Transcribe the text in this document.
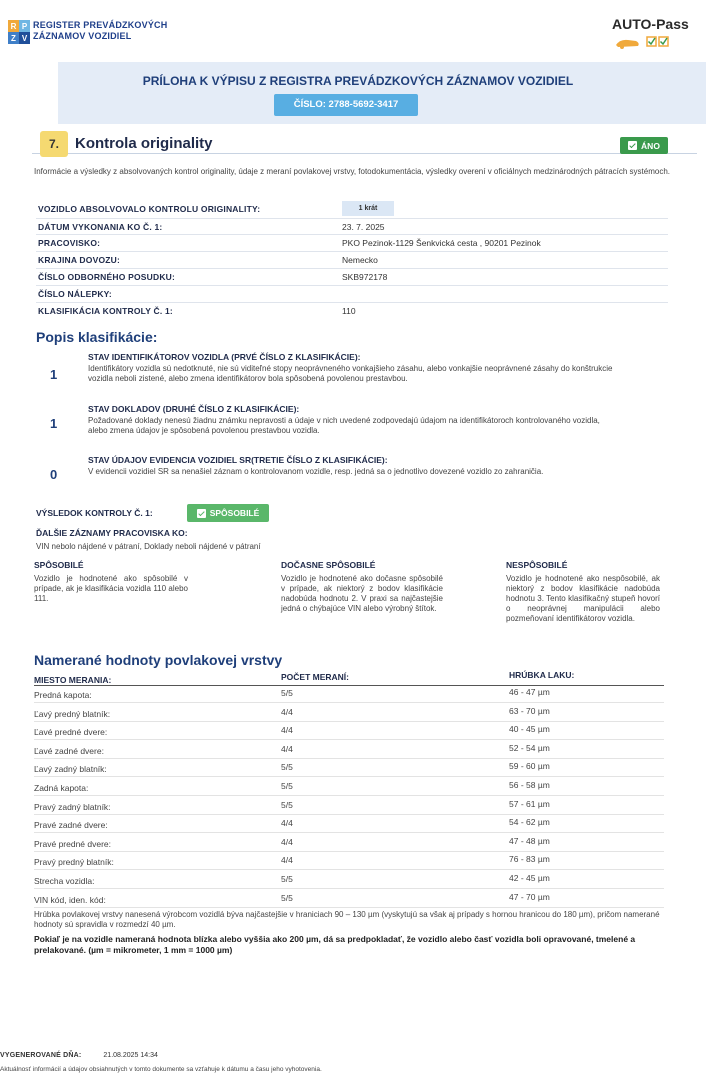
R P
Z V
REGISTER PREVÁDZKOVÝCH
ZÁZNAMOV VOZIDIEL
AUTO-Pass
PRÍLOHA K VÝPISU Z REGISTRA PREVÁDZKOVÝCH ZÁZNAMOV VOZIDIEL
ČÍSLO: 2788-5692-3417
7.	Kontrola originality	ÁNO
Informácie a výsledky z absolvovaných kontrol originality, údaje z meraní povlakovej vrstvy, fotodokumentácia, výsledky overení v oficiálnych medzinárodných pátracích systémoch.
VOZIDLO ABSOLVOVALO KONTROLU ORIGINALITY:	1 krát
DÁTUM VYKONANIA KO Č. 1:	23. 7. 2025
PRACOVISKO:	PKO Pezinok-1129 Šenkvická cesta , 90201 Pezinok
KRAJINA DOVOZU:	Nemecko
ČÍSLO ODBORNÉHO POSUDKU:	SKB972178
ČÍSLO NÁLEPKY:
KLASIFIKÁCIA KONTROLY Č. 1:	110
Popis klasifikácie:
1
STAV IDENTIFIKÁTOROV VOZIDLA (PRVÉ ČÍSLO Z KLASIFIKÁCIE):
Identifikátory vozidla sú nedotknuté, nie sú viditeľné stopy neoprávneného vonkajšieho zásahu, alebo vonkajšie neoprávnené zásahy do konštrukcie vozidla neboli zistené, alebo zmena identifikátorov bola spôsobená povolenou prestavbou.
1
STAV DOKLADOV (DRUHÉ ČÍSLO Z KLASIFIKÁCIE):
Požadované doklady nenesú žiadnu známku nepravosti a údaje v nich uvedené zodpovedajú údajom na identifikátoroch kontrolovaného vozidla, alebo zmena údajov je spôsobená povolenou prestavbou vozidla.
0
STAV ÚDAJOV EVIDENCIA VOZIDIEL SR(TRETIE ČÍSLO Z KLASIFIKÁCIE):
V evidencii vozidiel SR sa nenašiel záznam o kontrolovanom vozidle, resp. jedná sa o jednotlivo dovezené vozidlo zo zahraničia.
VÝSLEDOK KONTROLY Č. 1:	SPÔSOBILÉ
ĎALŠIE ZÁZNAMY PRACOVISKA KO:
VIN nebolo nájdené v pátraní, Doklady neboli nájdené v pátraní
SPÔSOBILÉ
Vozidlo je hodnotené ako spôsobilé v prípade, ak je klasifikácia vozidla 110 alebo 111.
DOČASNE SPÔSOBILÉ
Vozidlo je hodnotené ako dočasne spôsobilé v prípade, ak niektorý z bodov klasifikácie nadobúda hodnotu 2. V praxi sa najčastejšie jedná o chýbajúce VIN alebo výrobný štítok.
NESPÔSOBILÉ
Vozidlo je hodnotené ako nespôsobilé, ak niektorý z bodov klasifikácie nadobúda hodnotu 3. Tento klasifikačný stupeň hovorí o neoprávnej manipulácii alebo pozmeňovaní identifikátorov vozidla.
Namerané hodnoty povlakovej vrstvy
MIESTO MERANIA:	POČET MERANÍ:	HRÚBKA LAKU:
Predná kapota:	5/5	46 - 47 µm
Ľavý predný blatník:	4/4	63 - 70 µm
Ľavé predné dvere:	4/4	40 - 45 µm
Ľavé zadné dvere:	4/4	52 - 54 µm
Ľavý zadný blatník:	5/5	59 - 60 µm
Zadná kapota:	5/5	56 - 58 µm
Pravý zadný blatník:	5/5	57 - 61 µm
Pravé zadné dvere:	4/4	54 - 62 µm
Pravé predné dvere:	4/4	47 - 48 µm
Pravý predný blatník:	4/4	76 - 83 µm
Strecha vozidla:	5/5	42 - 45 µm
VIN kód, iden. kód:	5/5	47 - 70 µm
Hrúbka povlakovej vrstvy nanesená výrobcom vozidlá býva najčastejšie v hraniciach 90 – 130 µm (vyskytujú sa však aj prípady s hornou hranicou do 180 µm), pričom namerané hodnoty sú spravidla v rozmedzí 40 µm.
Pokiaľ je na vozidle nameraná hodnota blízka alebo vyššia ako 200 µm, dá sa predpokladať, že vozidlo alebo časť vozidla boli opravované, tmelené a prelakované. (µm = mikrometer, 1 mm = 1000 µm)
VYGENEROVANÉ DŇA:	21.08.2025 14:34
Aktuálnosť informácií a údajov obsiahnutých v tomto dokumente sa vzťahuje k dátumu a času jeho vyhotovenia.
